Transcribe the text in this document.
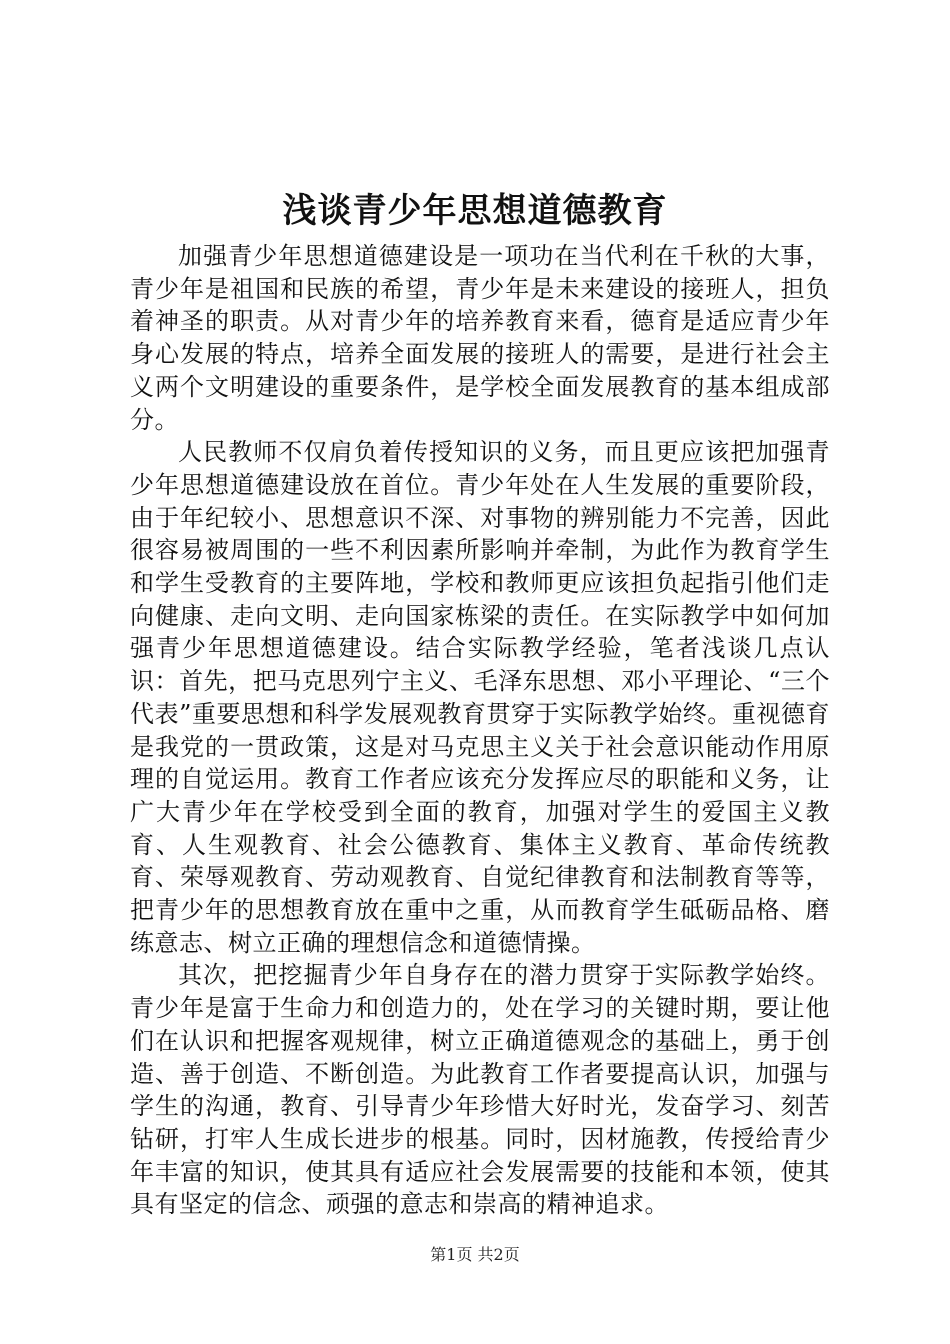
浅谈青少年思想道德教育

加强青少年思想道德建设是一项功在当代利在千秋的大事，青少年是祖国和民族的希望，青少年是未来建设的接班人，担负着神圣的职责。从对青少年的培养教育来看，德育是适应青少年身心发展的特点，培养全面发展的接班人的需要，是进行社会主义两个文明建设的重要条件，是学校全面发展教育的基本组成部分。

人民教师不仅肩负着传授知识的义务，而且更应该把加强青少年思想道德建设放在首位。青少年处在人生发展的重要阶段，由于年纪较小、思想意识不深、对事物的辨别能力不完善，因此很容易被周围的一些不利因素所影响并牵制，为此作为教育学生和学生受教育的主要阵地，学校和教师更应该担负起指引他们走向健康、走向文明、走向国家栋梁的责任。在实际教学中如何加强青少年思想道德建设。结合实际教学经验，笔者浅谈几点认识：首先，把马克思列宁主义、毛泽东思想、邓小平理论、“三个代表”重要思想和科学发展观教育贯穿于实际教学始终。重视德育是我党的一贯政策，这是对马克思主义关于社会意识能动作用原理的自觉运用。教育工作者应该充分发挥应尽的职能和义务，让广大青少年在学校受到全面的教育，加强对学生的爱国主义教育、人生观教育、社会公德教育、集体主义教育、革命传统教育、荣辱观教育、劳动观教育、自觉纪律教育和法制教育等等，把青少年的思想教育放在重中之重，从而教育学生砥砺品格、磨练意志、树立正确的理想信念和道德情操。

其次，把挖掘青少年自身存在的潜力贯穿于实际教学始终。青少年是富于生命力和创造力的，处在学习的关键时期，要让他们在认识和把握客观规律，树立正确道德观念的基础上，勇于创造、善于创造、不断创造。为此教育工作者要提高认识，加强与学生的沟通，教育、引导青少年珍惜大好时光，发奋学习、刻苦钻研，打牢人生成长进步的根基。同时，因材施教，传授给青少年丰富的知识，使其具有适应社会发展需要的技能和本领，使其具有坚定的信念、顽强的意志和崇高的精神追求。

第1页 共2页
